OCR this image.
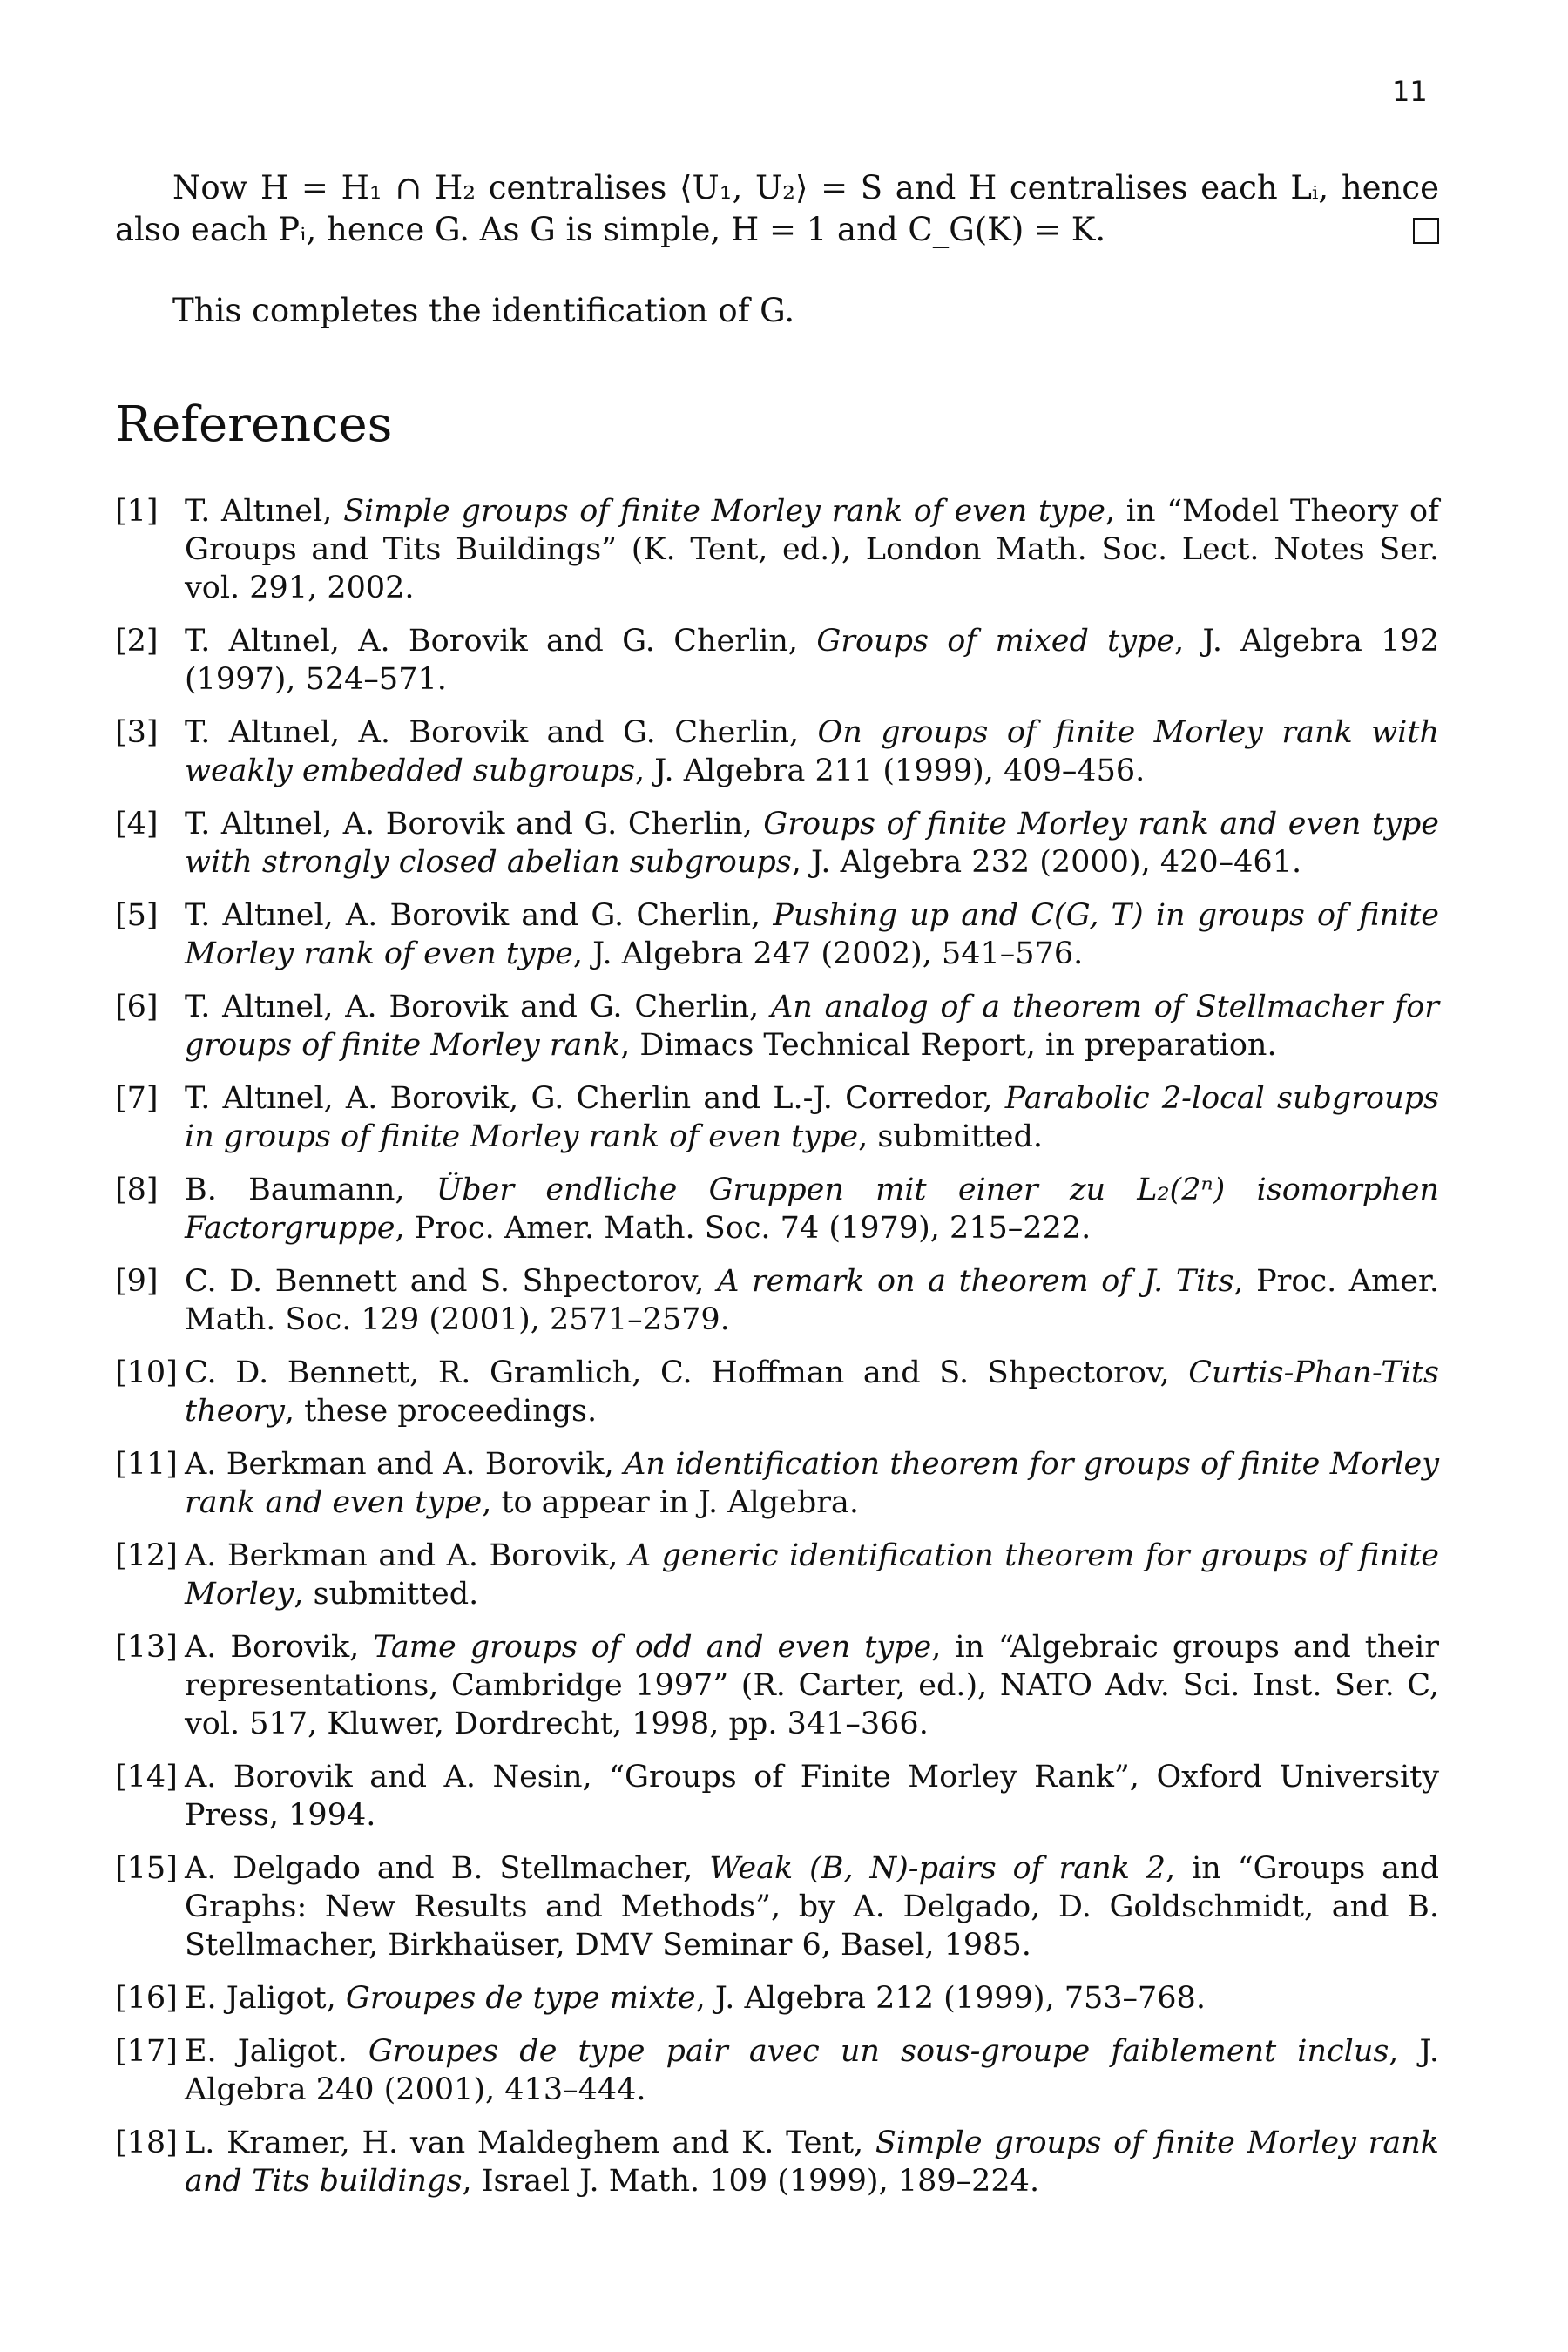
11
Now H = H₁ ∩ H₂ centralises ⟨U₁, U₂⟩ = S and H centralises each Lᵢ, hence also each Pᵢ, hence G. As G is simple, H = 1 and C_G(K) = K.
This completes the identification of G.
References
[1] T. Altınel, Simple groups of finite Morley rank of even type, in “Model Theory of Groups and Tits Buildings” (K. Tent, ed.), London Math. Soc. Lect. Notes Ser. vol. 291, 2002.
[2] T. Altınel, A. Borovik and G. Cherlin, Groups of mixed type, J. Algebra 192 (1997), 524–571.
[3] T. Altınel, A. Borovik and G. Cherlin, On groups of finite Morley rank with weakly embedded subgroups, J. Algebra 211 (1999), 409–456.
[4] T. Altınel, A. Borovik and G. Cherlin, Groups of finite Morley rank and even type with strongly closed abelian subgroups, J. Algebra 232 (2000), 420–461.
[5] T. Altınel, A. Borovik and G. Cherlin, Pushing up and C(G, T) in groups of finite Morley rank of even type, J. Algebra 247 (2002), 541–576.
[6] T. Altınel, A. Borovik and G. Cherlin, An analog of a theorem of Stellmacher for groups of finite Morley rank, Dimacs Technical Report, in preparation.
[7] T. Altınel, A. Borovik, G. Cherlin and L.-J. Corredor, Parabolic 2-local subgroups in groups of finite Morley rank of even type, submitted.
[8] B. Baumann, Über endliche Gruppen mit einer zu L₂(2ⁿ) isomorphen Factorgruppe, Proc. Amer. Math. Soc. 74 (1979), 215–222.
[9] C. D. Bennett and S. Shpectorov, A remark on a theorem of J. Tits, Proc. Amer. Math. Soc. 129 (2001), 2571–2579.
[10] C. D. Bennett, R. Gramlich, C. Hoffman and S. Shpectorov, Curtis-Phan-Tits theory, these proceedings.
[11] A. Berkman and A. Borovik, An identification theorem for groups of finite Morley rank and even type, to appear in J. Algebra.
[12] A. Berkman and A. Borovik, A generic identification theorem for groups of finite Morley, submitted.
[13] A. Borovik, Tame groups of odd and even type, in “Algebraic groups and their representations, Cambridge 1997” (R. Carter, ed.), NATO Adv. Sci. Inst. Ser. C, vol. 517, Kluwer, Dordrecht, 1998, pp. 341–366.
[14] A. Borovik and A. Nesin, “Groups of Finite Morley Rank”, Oxford University Press, 1994.
[15] A. Delgado and B. Stellmacher, Weak (B, N)-pairs of rank 2, in “Groups and Graphs: New Results and Methods”, by A. Delgado, D. Goldschmidt, and B. Stellmacher, Birkhaüser, DMV Seminar 6, Basel, 1985.
[16] E. Jaligot, Groupes de type mixte, J. Algebra 212 (1999), 753–768.
[17] E. Jaligot. Groupes de type pair avec un sous-groupe faiblement inclus, J. Algebra 240 (2001), 413–444.
[18] L. Kramer, H. van Maldeghem and K. Tent, Simple groups of finite Morley rank and Tits buildings, Israel J. Math. 109 (1999), 189–224.
